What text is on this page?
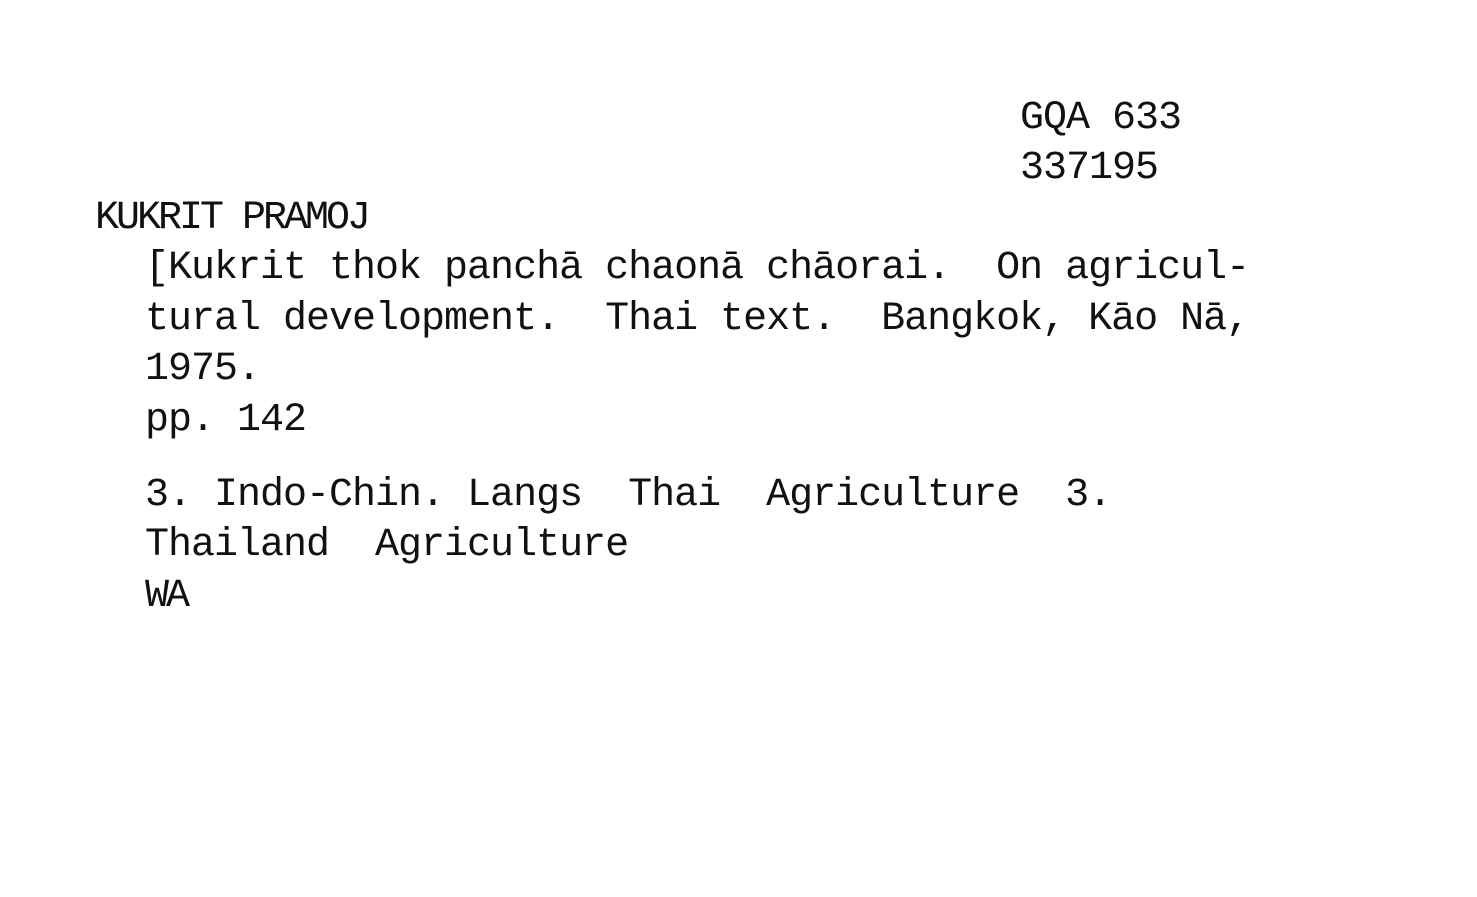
GQA 633
337195
KUKRIT PRAMOJ
[Kukrit thok panchā chaonā chāorai.  On agricul-
tural development.  Thai text.  Bangkok, Kāo Nā,
1975.
pp. 142
3. Indo-Chin. Langs  Thai  Agriculture  3.
Thailand  Agriculture
WA
